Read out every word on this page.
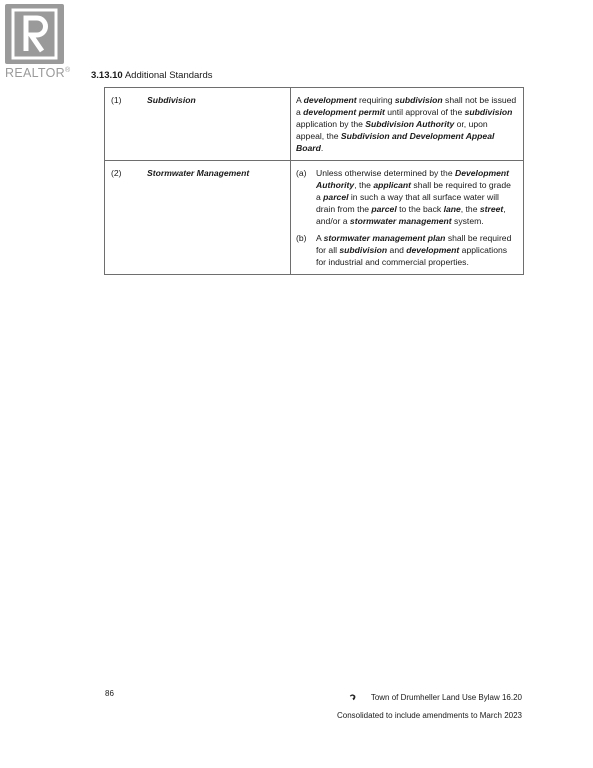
REALTOR® 3.13.10 Additional Standards
(1) Subdivision	A development requiring subdivision shall not be issued a development permit until approval of the subdivision application by the Subdivision Authority or, upon appeal, the Subdivision and Development Appeal Board.

(2) Stormwater Management	(a) Unless otherwise determined by the Development Authority, the applicant shall be required to grade a parcel in such a way that all surface water will drain from the parcel to the back lane, the street, and/or a stormwater management system.
(b) A stormwater management plan shall be required for all subdivision and development applications for industrial and commercial properties.
86	Town of Drumheller Land Use Bylaw 16.20
Consolidated to include amendments to March 2023
